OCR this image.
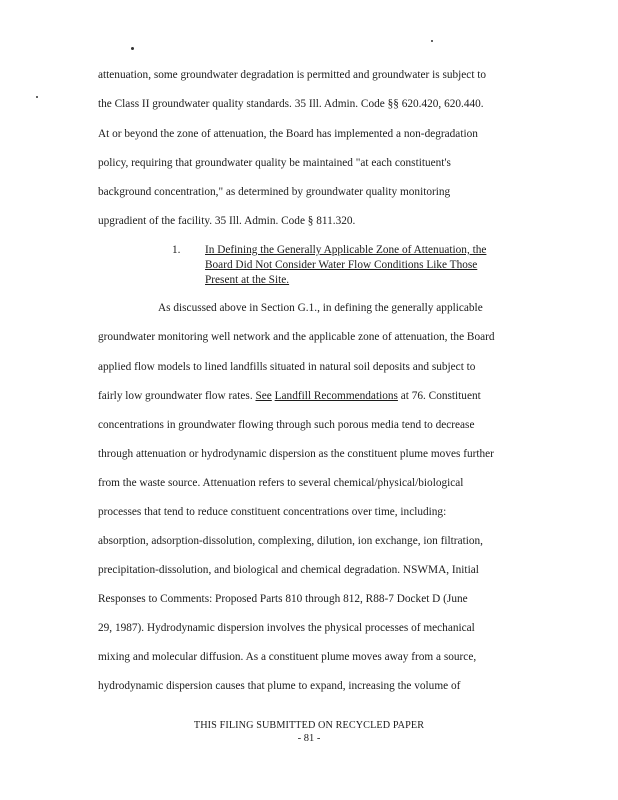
attenuation, some groundwater degradation is permitted and groundwater is subject to
the Class II groundwater quality standards. 35 Ill. Admin. Code §§ 620.420, 620.440.
At or beyond the zone of attenuation, the Board has implemented a non-degradation
policy, requiring that groundwater quality be maintained "at each constituent's
background concentration," as determined by groundwater quality monitoring
upgradient of the facility. 35 Ill. Admin. Code § 811.320.
1. In Defining the Generally Applicable Zone of Attenuation, the
Board Did Not Consider Water Flow Conditions Like Those
Present at the Site.
As discussed above in Section G.1., in defining the generally applicable
groundwater monitoring well network and the applicable zone of attenuation, the Board
applied flow models to lined landfills situated in natural soil deposits and subject to
fairly low groundwater flow rates. See Landfill Recommendations at 76. Constituent
concentrations in groundwater flowing through such porous media tend to decrease
through attenuation or hydrodynamic dispersion as the constituent plume moves further
from the waste source. Attenuation refers to several chemical/physical/biological
processes that tend to reduce constituent concentrations over time, including:
absorption, adsorption-dissolution, complexing, dilution, ion exchange, ion filtration,
precipitation-dissolution, and biological and chemical degradation. NSWMA, Initial
Responses to Comments: Proposed Parts 810 through 812, R88-7 Docket D (June
29, 1987). Hydrodynamic dispersion involves the physical processes of mechanical
mixing and molecular diffusion. As a constituent plume moves away from a source,
hydrodynamic dispersion causes that plume to expand, increasing the volume of
THIS FILING SUBMITTED ON RECYCLED PAPER
- 81 -
